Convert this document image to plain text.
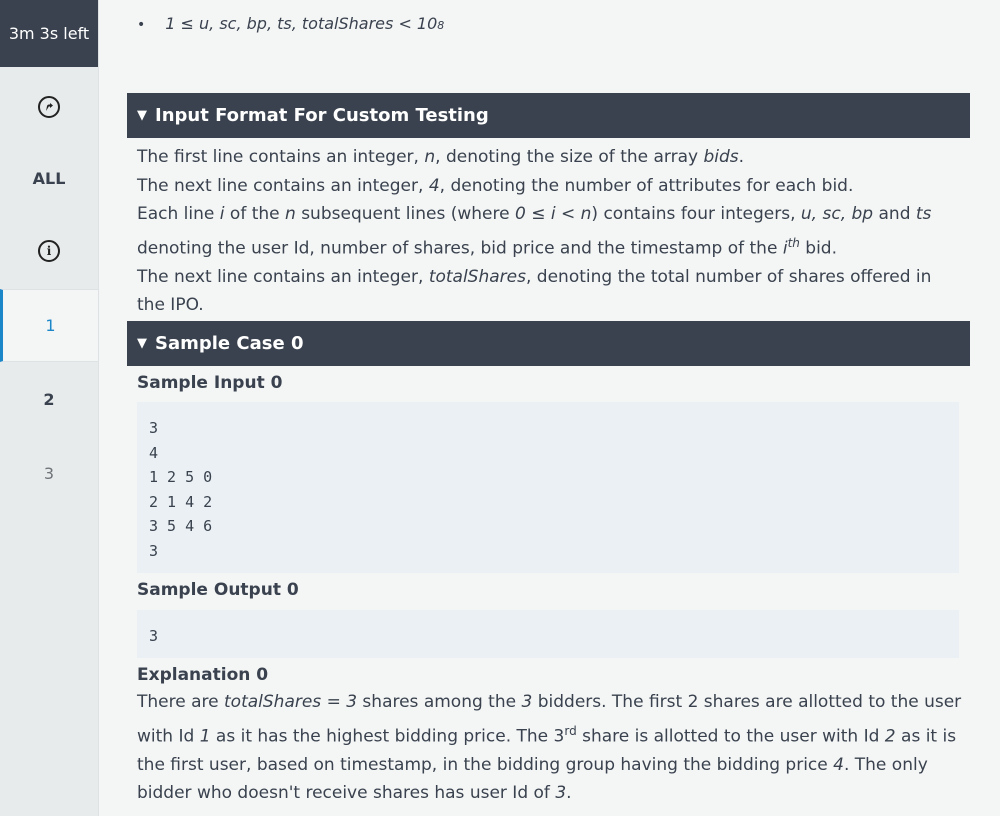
3m 3s left
ALL
i
1
2
3
• 1 ≤ u, sc, bp, ts, totalShares < 10 8
▼ Input Format For Custom Testing
The first line contains an integer, n, denoting the size of the array bids.
The next line contains an integer, 4, denoting the number of attributes for each bid.
Each line i of the n subsequent lines (where 0 ≤ i < n) contains four integers, u, sc, bp and ts
denoting the user Id, number of shares, bid price and the timestamp of the $i^{th}$ bid.
The next line contains an integer, totalShares, denoting the total number of shares offered in
the IPO.
▼ Sample Case 0
Sample Input 0
3
4
1 2 5 0
2 1 4 2
3 5 4 6
3
Sample Output 0
3
Explanation 0
There are totalShares = 3 shares among the 3 bidders. The first 2 shares are allotted to the user
with Id 1 as it has the highest bidding price. The 3rd share is allotted to the user with Id 2 as it is
the first user, based on timestamp, in the bidding group having the bidding price 4. The only
bidder who doesn't receive shares has user Id of 3.
